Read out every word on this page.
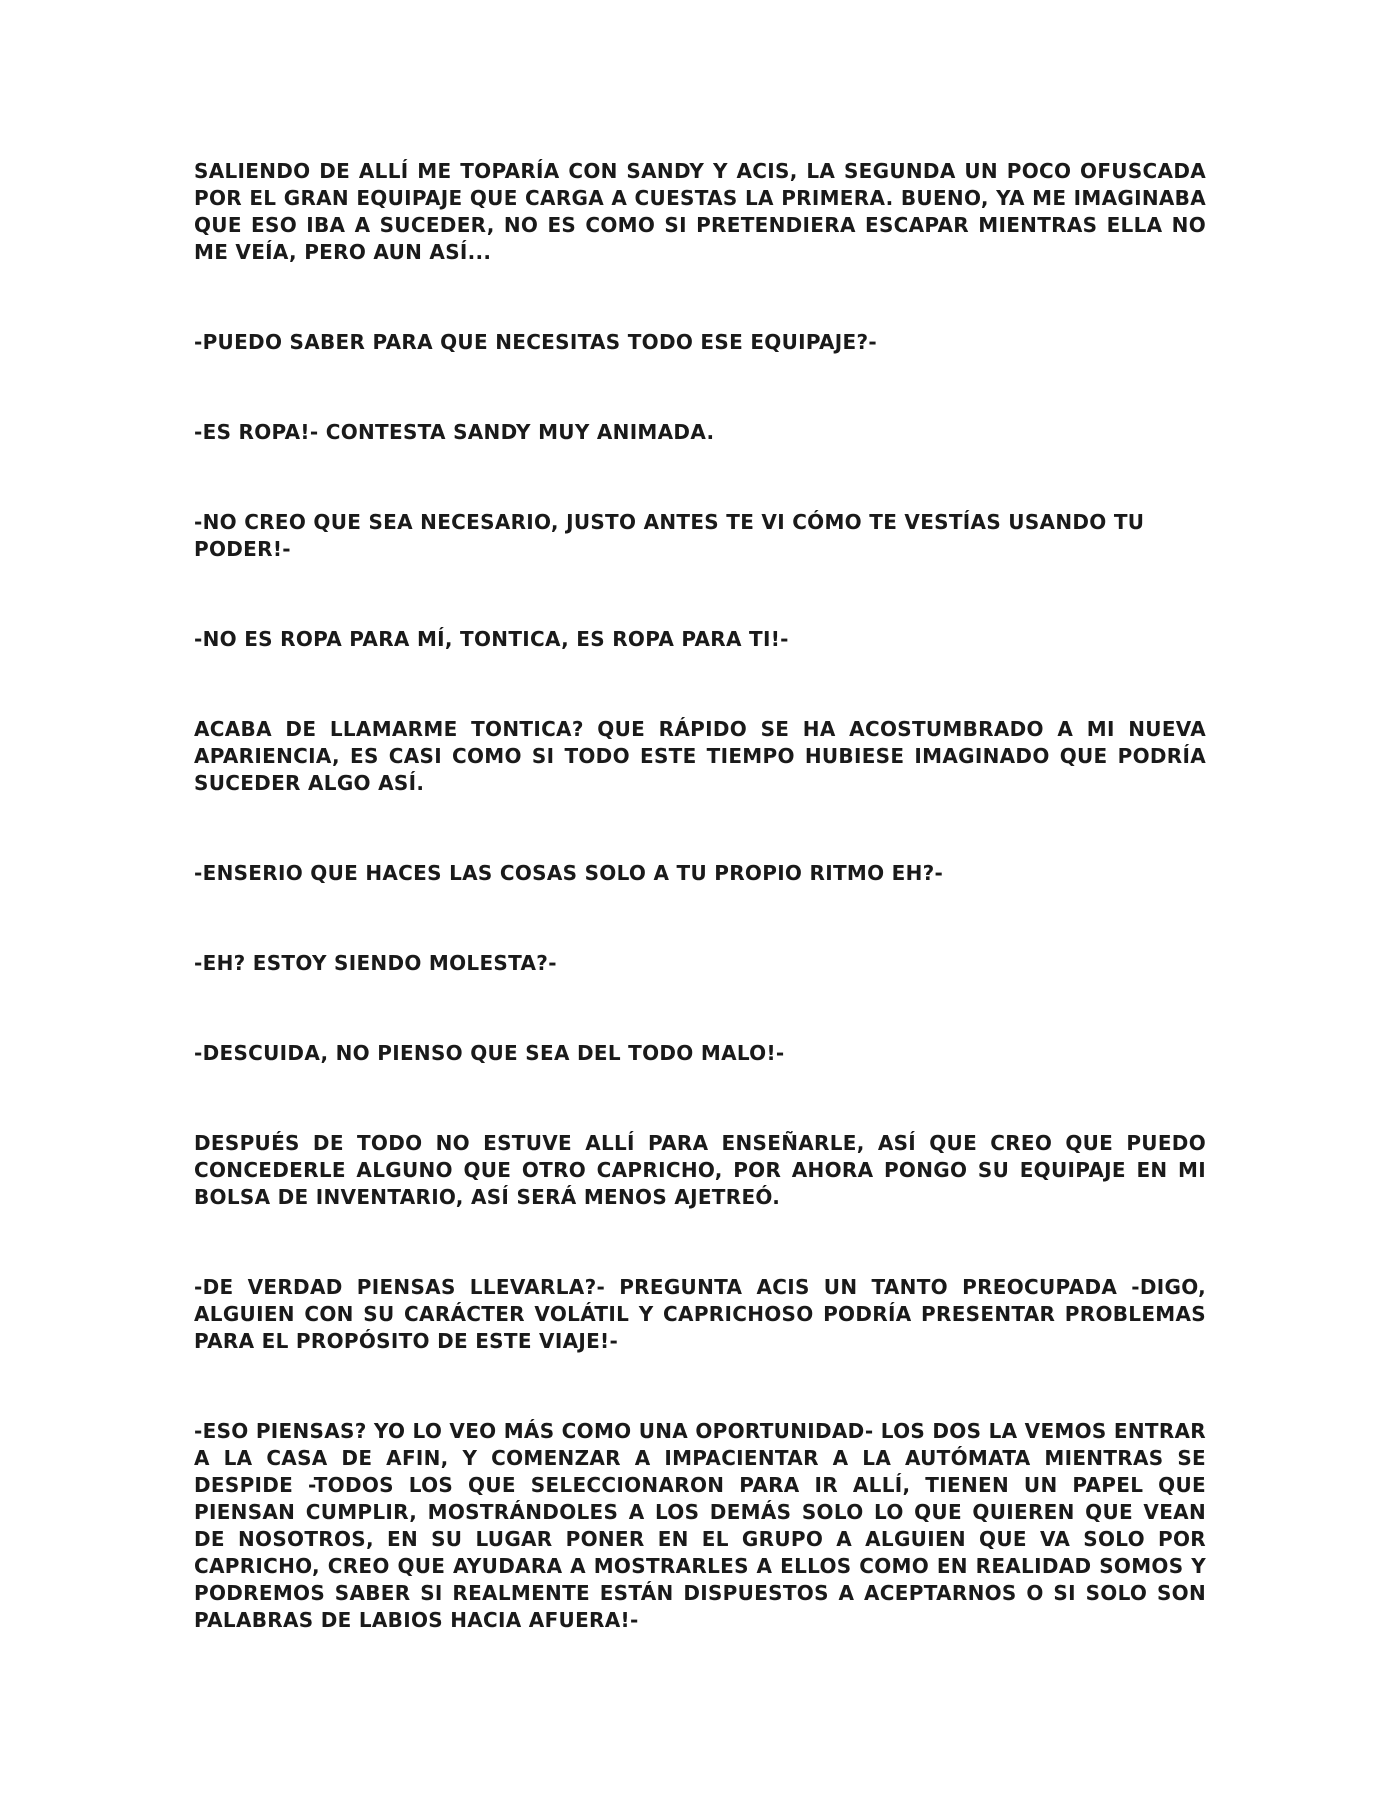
SALIENDO DE ALLÍ ME TOPARÍA CON SANDY Y ACIS, LA SEGUNDA UN POCO OFUSCADA POR EL GRAN EQUIPAJE QUE CARGA A CUESTAS LA PRIMERA. BUENO, YA ME IMAGINABA QUE ESO IBA A SUCEDER, NO ES COMO SI PRETENDIERA ESCAPAR MIENTRAS ELLA NO ME VEÍA, PERO AUN ASÍ...

-PUEDO SABER PARA QUE NECESITAS TODO ESE EQUIPAJE?-

-ES ROPA!- CONTESTA SANDY MUY ANIMADA.

-NO CREO QUE SEA NECESARIO, JUSTO ANTES TE VI CÓMO TE VESTÍAS USANDO TU PODER!-

-NO ES ROPA PARA MÍ, TONTICA, ES ROPA PARA TI!-

ACABA DE LLAMARME TONTICA? QUE RÁPIDO SE HA ACOSTUMBRADO A MI NUEVA APARIENCIA, ES CASI COMO SI TODO ESTE TIEMPO HUBIESE IMAGINADO QUE PODRÍA SUCEDER ALGO ASÍ.

-ENSERIO QUE HACES LAS COSAS SOLO A TU PROPIO RITMO EH?-

-EH? ESTOY SIENDO MOLESTA?-

-DESCUIDA, NO PIENSO QUE SEA DEL TODO MALO!-

DESPUÉS DE TODO NO ESTUVE ALLÍ PARA ENSEÑARLE, ASÍ QUE CREO QUE PUEDO CONCEDERLE ALGUNO QUE OTRO CAPRICHO, POR AHORA PONGO SU EQUIPAJE EN MI BOLSA DE INVENTARIO, ASÍ SERÁ MENOS AJETREÓ.

-DE VERDAD PIENSAS LLEVARLA?- PREGUNTA ACIS UN TANTO PREOCUPADA -DIGO, ALGUIEN CON SU CARÁCTER VOLÁTIL Y CAPRICHOSO PODRÍA PRESENTAR PROBLEMAS PARA EL PROPÓSITO DE ESTE VIAJE!-

-ESO PIENSAS? YO LO VEO MÁS COMO UNA OPORTUNIDAD- LOS DOS LA VEMOS ENTRAR A LA CASA DE AFIN, Y COMENZAR A IMPACIENTAR A LA AUTÓMATA MIENTRAS SE DESPIDE -TODOS LOS QUE SELECCIONARON PARA IR ALLÍ, TIENEN UN PAPEL QUE PIENSAN CUMPLIR, MOSTRÁNDOLES A LOS DEMÁS SOLO LO QUE QUIEREN QUE VEAN DE NOSOTROS, EN SU LUGAR PONER EN EL GRUPO A ALGUIEN QUE VA SOLO POR CAPRICHO, CREO QUE AYUDARA A MOSTRARLES A ELLOS COMO EN REALIDAD SOMOS Y PODREMOS SABER SI REALMENTE ESTÁN DISPUESTOS A ACEPTARNOS O SI SOLO SON PALABRAS DE LABIOS HACIA AFUERA!-
